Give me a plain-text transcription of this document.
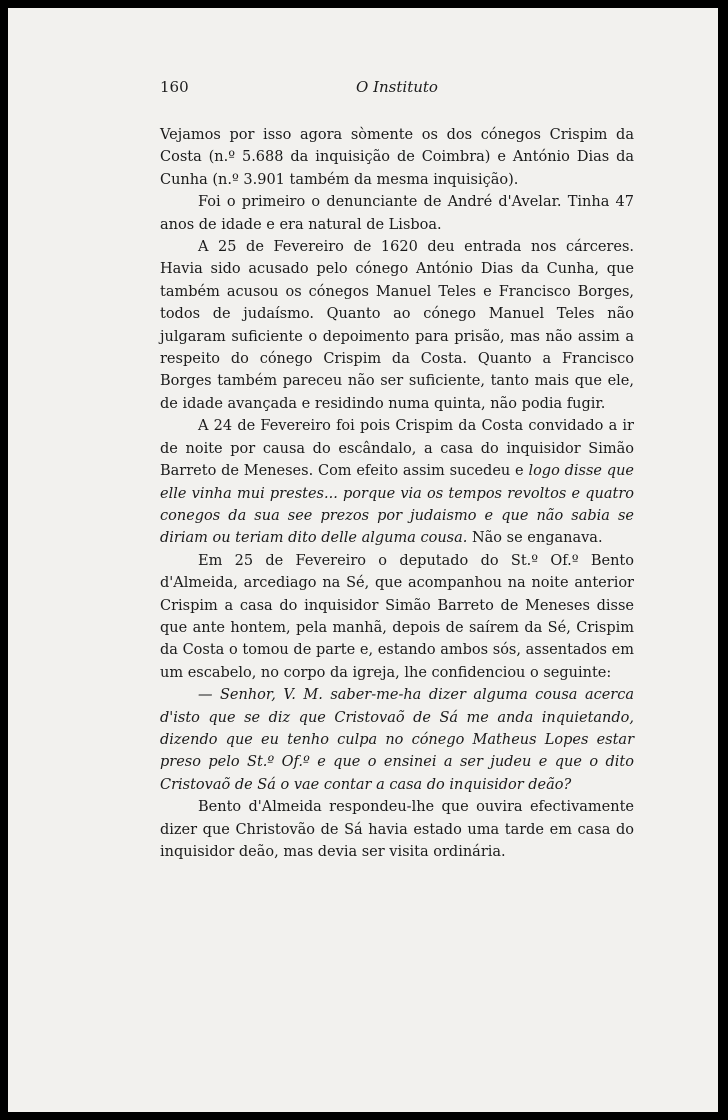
160	O Instituto

Vejamos por isso agora sòmente os dos cónegos Crispim da Costa (n.º 5.688 da inquisição de Coimbra) e António Dias da Cunha (n.º 3.901 também da mesma inquisição).

Foi o primeiro o denunciante de André d'Avelar. Tinha 47 anos de idade e era natural de Lisboa.

A 25 de Fevereiro de 1620 deu entrada nos cárceres. Havia sido acusado pelo cónego António Dias da Cunha, que também acusou os cónegos Manuel Teles e Francisco Borges, todos de judaísmo. Quanto ao cónego Manuel Teles não julgaram suficiente o depoimento para prisão, mas não assim a respeito do cónego Crispim da Costa. Quanto a Francisco Borges também pareceu não ser suficiente, tanto mais que ele, de idade avançada e residindo numa quinta, não podia fugir.

A 24 de Fevereiro foi pois Crispim da Costa convidado a ir de noite por causa do escândalo, a casa do inquisidor Simão Barreto de Meneses. Com efeito assim sucedeu e logo disse que elle vinha mui prestes... porque via os tempos revoltos e quatro conegos da sua see prezos por judaismo e que não sabia se diriam ou teriam dito delle alguma cousa. Não se enganava.

Em 25 de Fevereiro o deputado do St.º Of.º Bento d'Almeida, arcediago na Sé, que acompanhou na noite anterior Crispim a casa do inquisidor Simão Barreto de Meneses disse que ante hontem, pela manhã, depois de saírem da Sé, Crispim da Costa o tomou de parte e, estando ambos sós, assentados em um escabelo, no corpo da igreja, lhe confidenciou o seguinte:

— Senhor, V. M. saber-me-ha dizer alguma cousa acerca d'isto que se diz que Cristovaõ de Sá me anda inquietando, dizendo que eu tenho culpa no cónego Matheus Lopes estar preso pelo St.º Of.º e que o ensinei a ser judeu e que o dito Cristovaõ de Sá o vae contar a casa do inquisidor deão?

Bento d'Almeida respondeu-lhe que ouvira efectivamente dizer que Christovão de Sá havia estado uma tarde em casa do inquisidor deão, mas devia ser visita ordinária.
